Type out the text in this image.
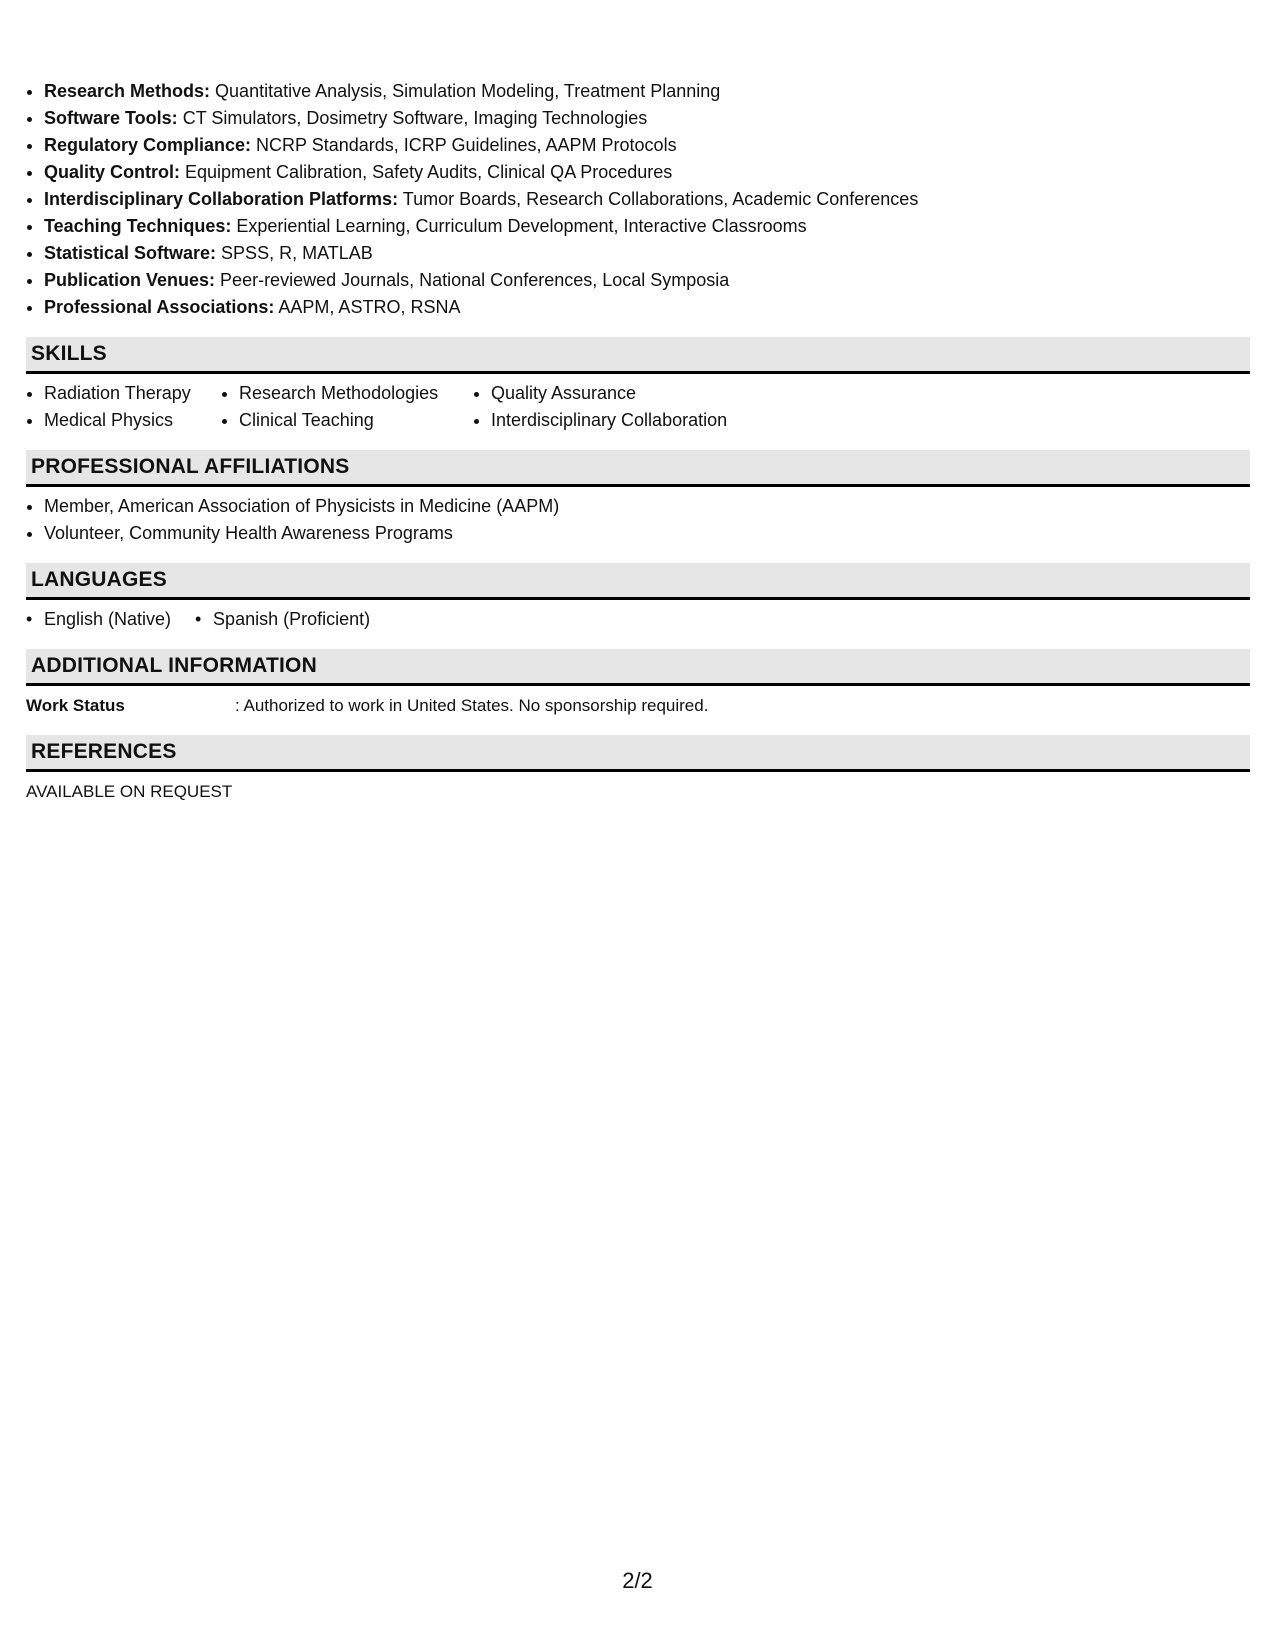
• Research Methods: Quantitative Analysis, Simulation Modeling, Treatment Planning
• Software Tools: CT Simulators, Dosimetry Software, Imaging Technologies
• Regulatory Compliance: NCRP Standards, ICRP Guidelines, AAPM Protocols
• Quality Control: Equipment Calibration, Safety Audits, Clinical QA Procedures
• Interdisciplinary Collaboration Platforms: Tumor Boards, Research Collaborations, Academic Conferences
• Teaching Techniques: Experiential Learning, Curriculum Development, Interactive Classrooms
• Statistical Software: SPSS, R, MATLAB
• Publication Venues: Peer-reviewed Journals, National Conferences, Local Symposia
• Professional Associations: AAPM, ASTRO, RSNA
SKILLS
• Radiation Therapy
• Medical Physics
• Research Methodologies
• Clinical Teaching
• Quality Assurance
• Interdisciplinary Collaboration
PROFESSIONAL AFFILIATIONS
• Member, American Association of Physicists in Medicine (AAPM)
• Volunteer, Community Health Awareness Programs
LANGUAGES
• English (Native)
•	Spanish (Proficient)
ADDITIONAL INFORMATION
Work Status	: Authorized to work in United States. No sponsorship required.
REFERENCES
AVAILABLE ON REQUEST
2/2
